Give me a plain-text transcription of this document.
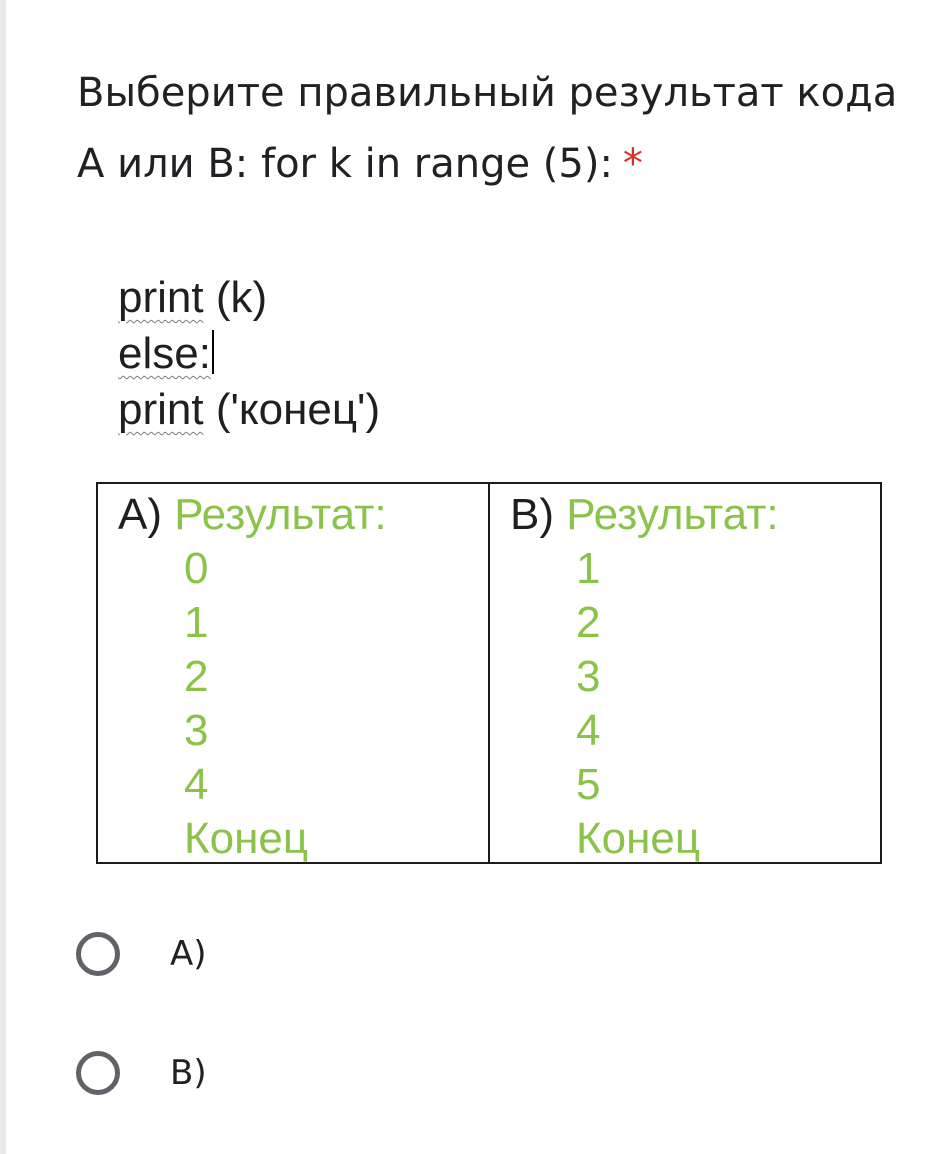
Выберите правильный результат кода А или В: for k in range (5): *
print (k)
else:
print ('конец')
A) Результат:
0
1
2
3
4
Конец
B) Результат:
1
2
3
4
5
Конец
A)
B)
